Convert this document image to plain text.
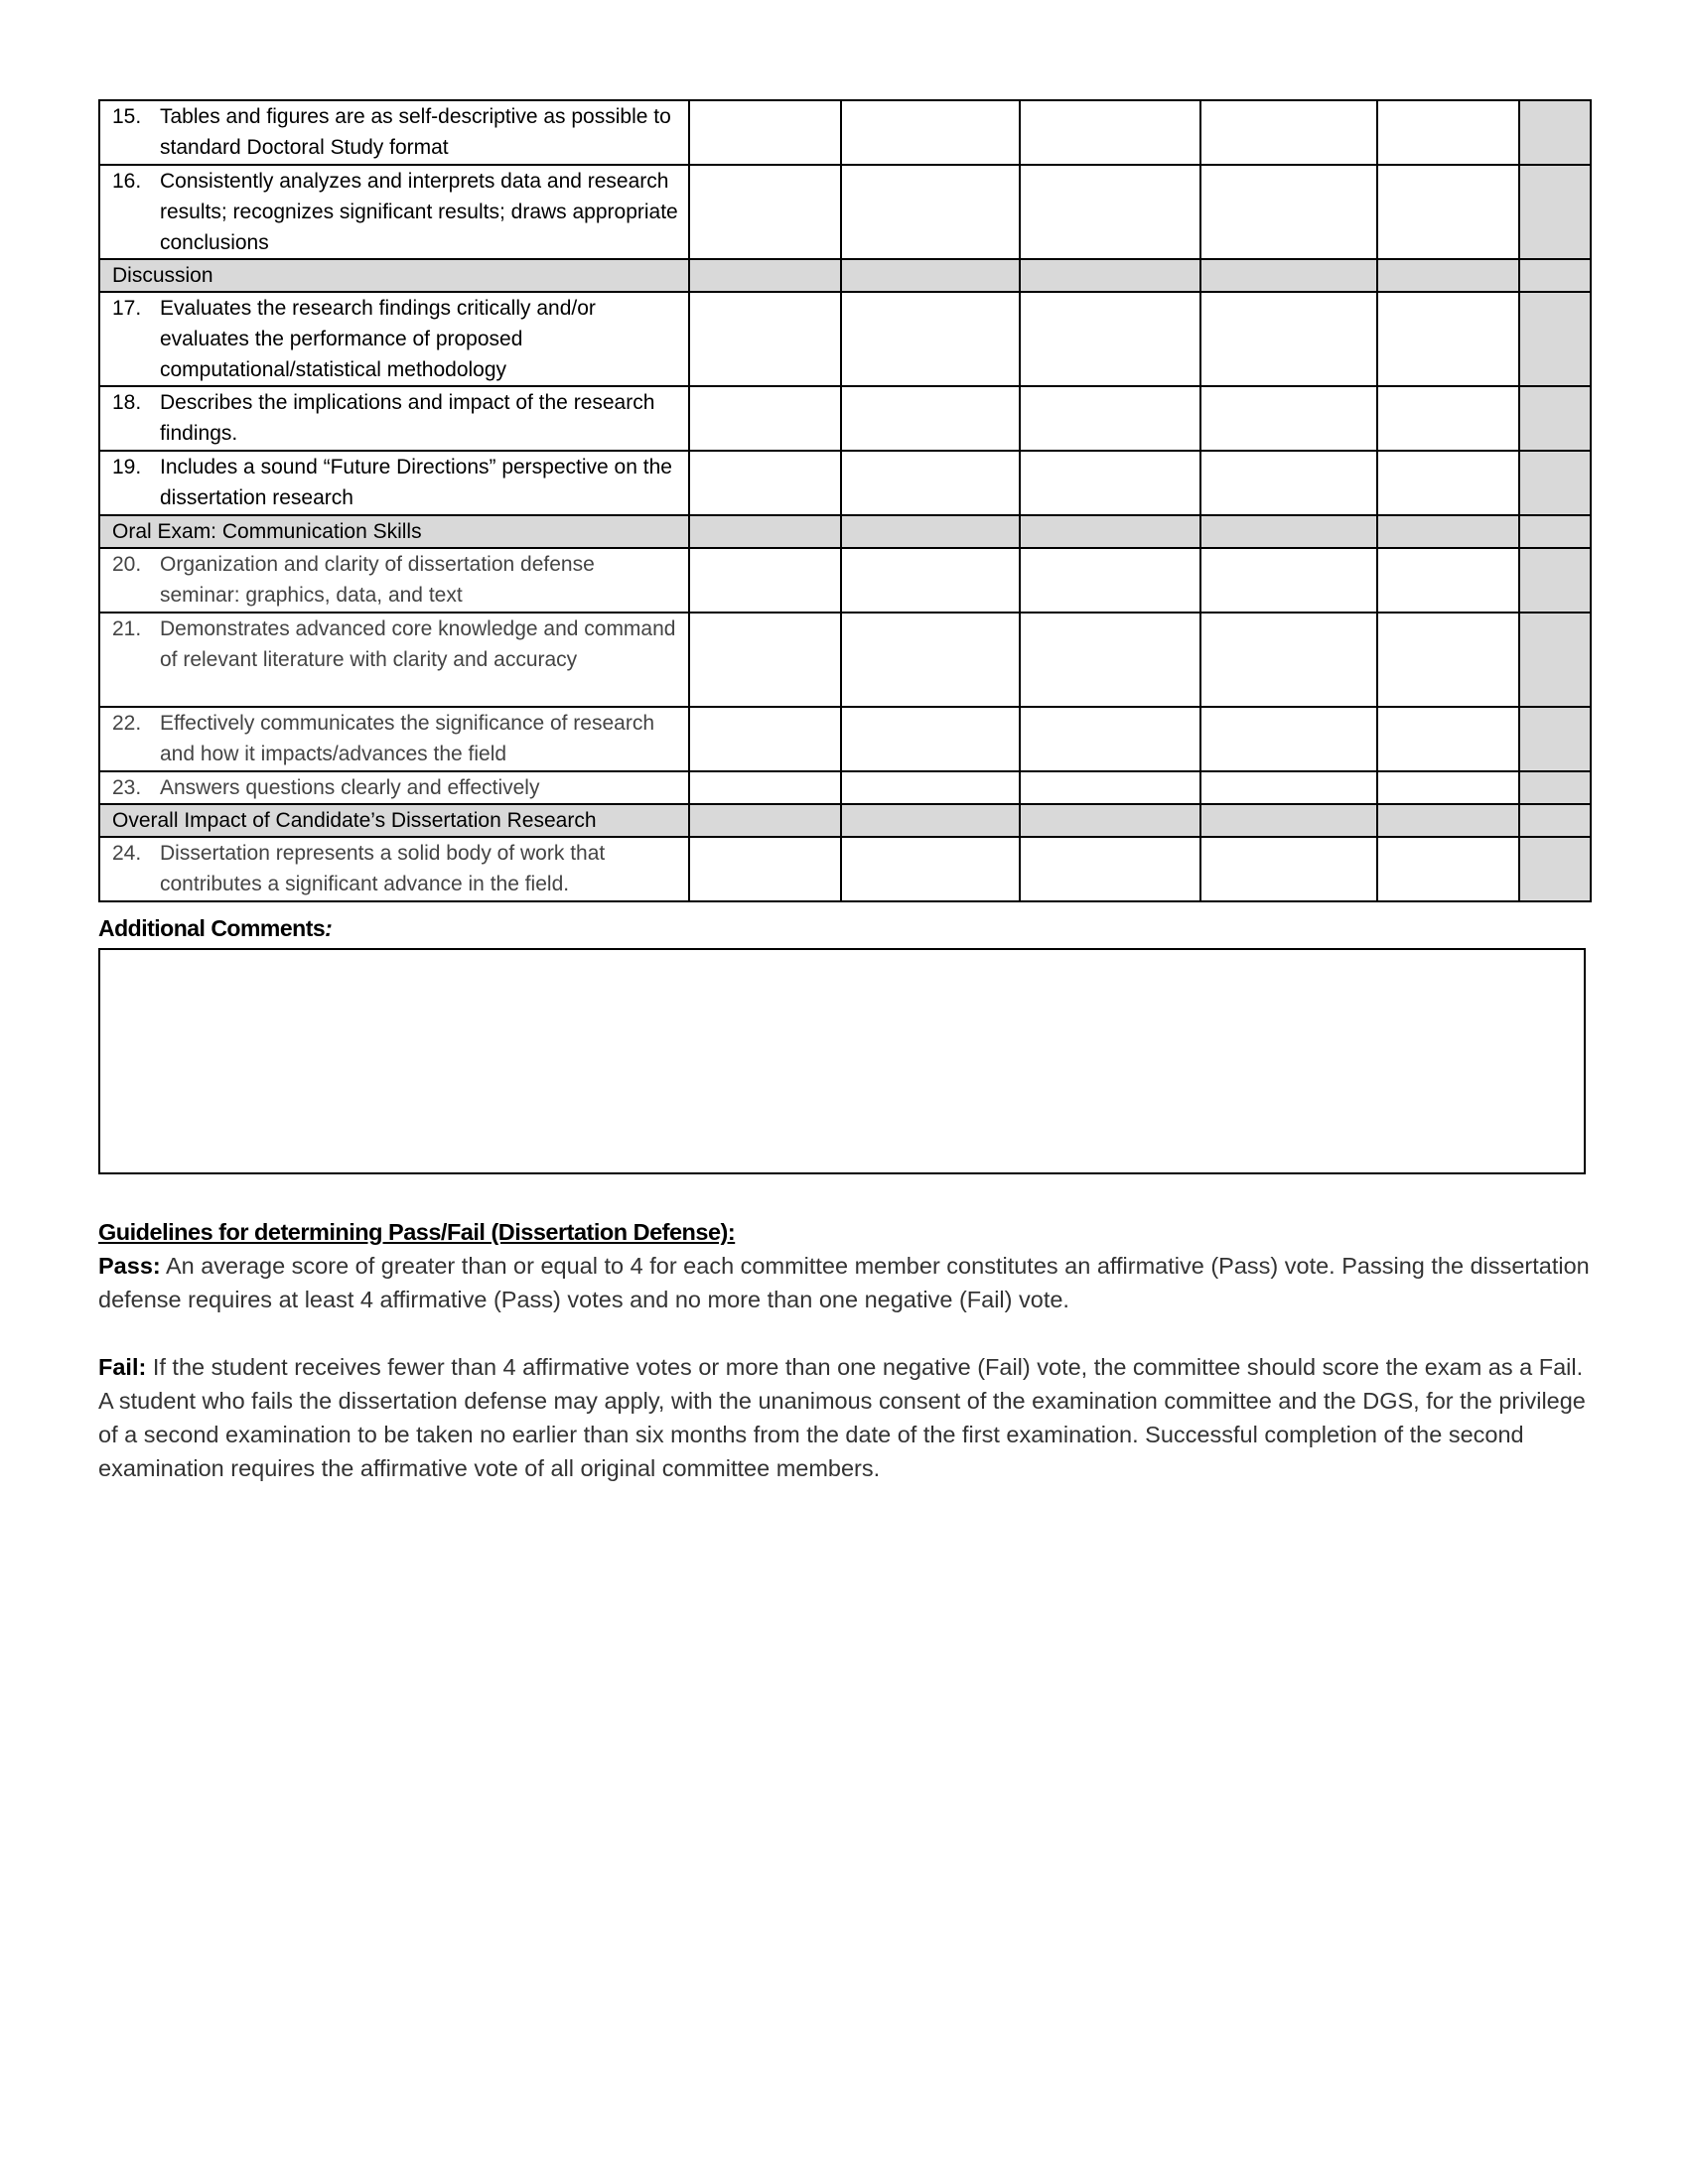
15. Tables and figures are as self-descriptive as possible to standard Doctoral Study format						

16. Consistently analyzes and interprets data and research results; recognizes significant results; draws appropriate conclusions						

Discussion						

17. Evaluates the research findings critically and/or evaluates the performance of proposed computational/statistical methodology						

18. Describes the implications and impact of the research findings.						

19. Includes a sound “Future Directions” perspective on the dissertation research						

Oral Exam: Communication Skills						

20. Organization and clarity of dissertation defense seminar: graphics, data, and text						

21. Demonstrates advanced core knowledge and command of relevant literature with clarity and accuracy						

22. Effectively communicates the significance of research and how it impacts/advances the field						

23. Answers questions clearly and effectively						

Overall Impact of Candidate’s Dissertation Research						

24. Dissertation represents a solid body of work that contributes a significant advance in the field.						

Additional Comments:
Guidelines for determining Pass/Fail (Dissertation Defense):

Pass: An average score of greater than or equal to 4 for each committee member constitutes an affirmative (Pass) vote. Passing the dissertation defense requires at least 4 affirmative (Pass) votes and no more than one negative (Fail) vote.

Fail: If the student receives fewer than 4 affirmative votes or more than one negative (Fail) vote, the committee should score the exam as a Fail. A student who fails the dissertation defense may apply, with the unanimous consent of the examination committee and the DGS, for the privilege of a second examination to be taken no earlier than six months from the date of the first examination. Successful completion of the second examination requires the affirmative vote of all original committee members.
